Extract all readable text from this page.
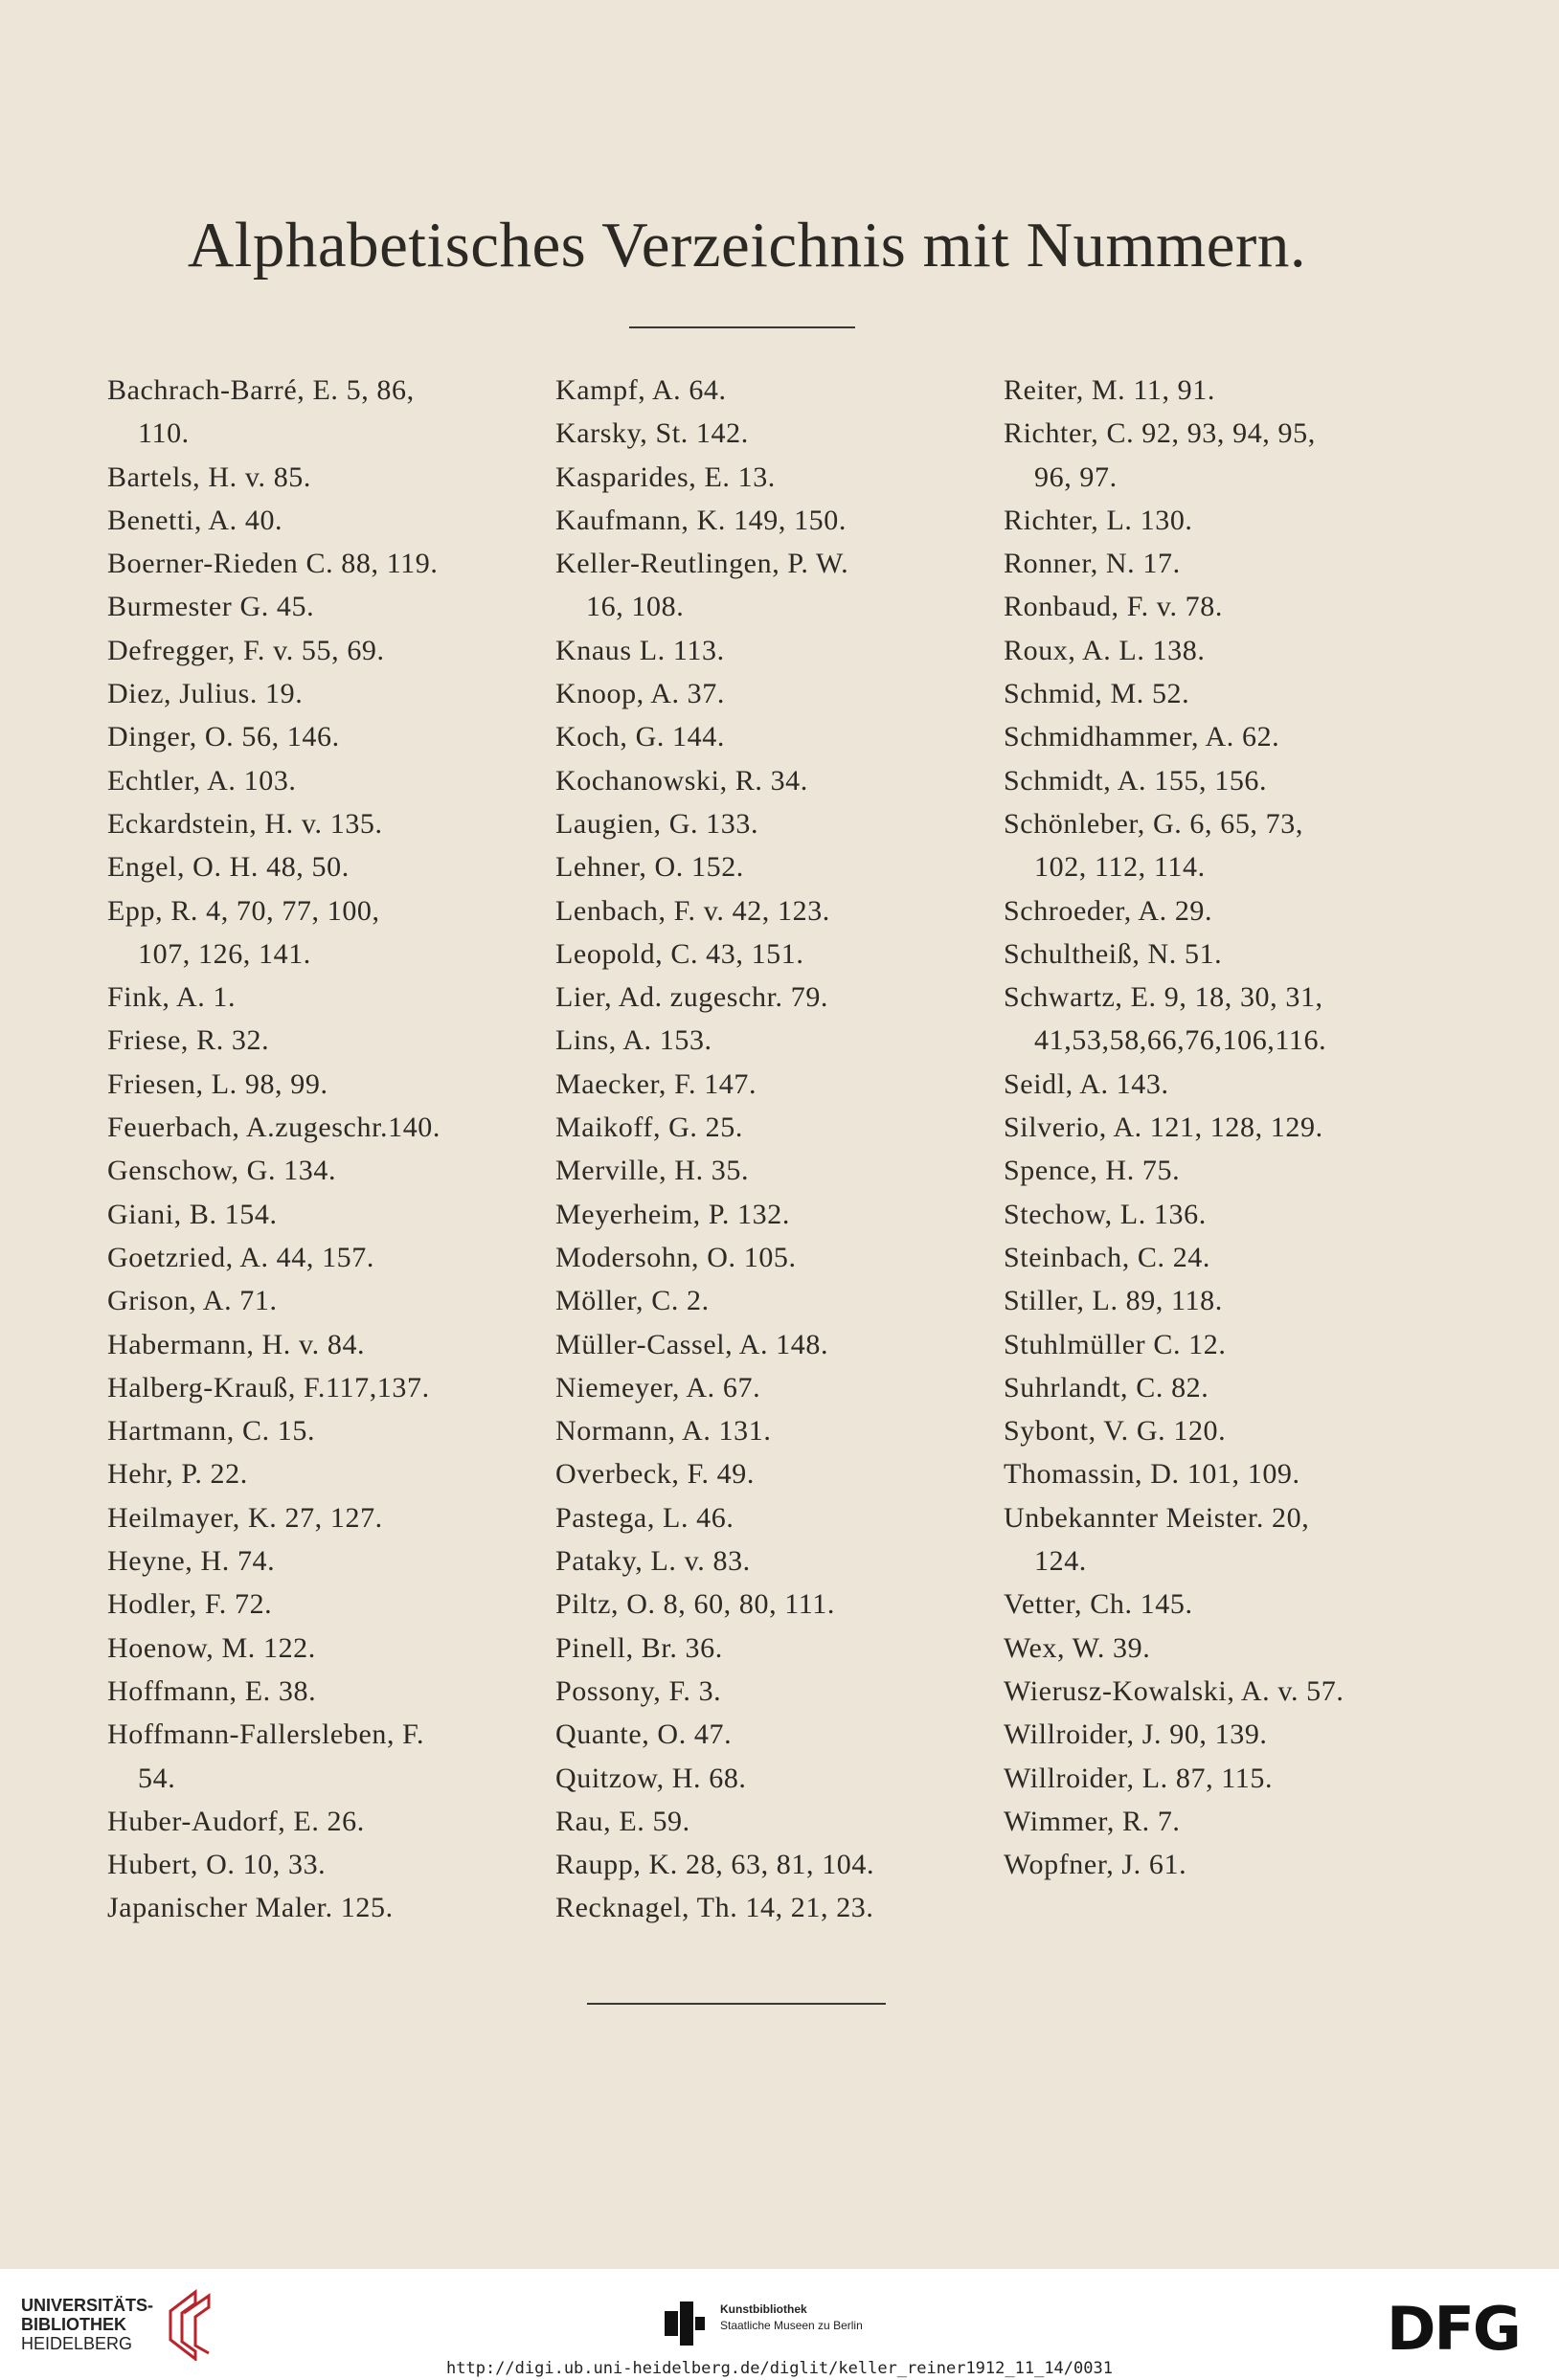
Alphabetisches Verzeichnis mit Nummern.
Bachrach-Barré, E. 5, 86,
110.
Bartels, H. v. 85.
Benetti, A. 40.
Boerner-Rieden C. 88, 119.
Burmester G. 45.
Defregger, F. v. 55, 69.
Diez, Julius. 19.
Dinger, O. 56, 146.
Echtler, A. 103.
Eckardstein, H. v. 135.
Engel, O. H. 48, 50.
Epp, R. 4, 70, 77, 100,
107, 126, 141.
Fink, A. 1.
Friese, R. 32.
Friesen, L. 98, 99.
Feuerbach, A.zugeschr.140.
Genschow, G. 134.
Giani, B. 154.
Goetzried, A. 44, 157.
Grison, A. 71.
Habermann, H. v. 84.
Halberg-Krauß, F.117,137.
Hartmann, C. 15.
Hehr, P. 22.
Heilmayer, K. 27, 127.
Heyne, H. 74.
Hodler, F. 72.
Hoenow, M. 122.
Hoffmann, E. 38.
Hoffmann-Fallersleben, F.
54.
Huber-Audorf, E. 26.
Hubert, O. 10, 33.
Japanischer Maler. 125.
Kampf, A. 64.
Karsky, St. 142.
Kasparides, E. 13.
Kaufmann, K. 149, 150.
Keller-Reutlingen, P. W.
16, 108.
Knaus L. 113.
Knoop, A. 37.
Koch, G. 144.
Kochanowski, R. 34.
Laugien, G. 133.
Lehner, O. 152.
Lenbach, F. v. 42, 123.
Leopold, C. 43, 151.
Lier, Ad. zugeschr. 79.
Lins, A. 153.
Maecker, F. 147.
Maikoff, G. 25.
Merville, H. 35.
Meyerheim, P. 132.
Modersohn, O. 105.
Möller, C. 2.
Müller-Cassel, A. 148.
Niemeyer, A. 67.
Normann, A. 131.
Overbeck, F. 49.
Pastega, L. 46.
Pataky, L. v. 83.
Piltz, O. 8, 60, 80, 111.
Pinell, Br. 36.
Possony, F. 3.
Quante, O. 47.
Quitzow, H. 68.
Rau, E. 59.
Raupp, K. 28, 63, 81, 104.
Recknagel, Th. 14, 21, 23.
Reiter, M. 11, 91.
Richter, C. 92, 93, 94, 95,
96, 97.
Richter, L. 130.
Ronner, N. 17.
Ronbaud, F. v. 78.
Roux, A. L. 138.
Schmid, M. 52.
Schmidhammer, A. 62.
Schmidt, A. 155, 156.
Schönleber, G. 6, 65, 73,
102, 112, 114.
Schroeder, A. 29.
Schultheiß, N. 51.
Schwartz, E. 9, 18, 30, 31,
41,53,58,66,76,106,116.
Seidl, A. 143.
Silverio, A. 121, 128, 129.
Spence, H. 75.
Stechow, L. 136.
Steinbach, C. 24.
Stiller, L. 89, 118.
Stuhlmüller C. 12.
Suhrlandt, C. 82.
Sybont, V. G. 120.
Thomassin, D. 101, 109.
Unbekannter Meister. 20,
124.
Vetter, Ch. 145.
Wex, W. 39.
Wierusz-Kowalski, A. v. 57.
Willroider, J. 90, 139.
Willroider, L. 87, 115.
Wimmer, R. 7.
Wopfner, J. 61.
UNIVERSITÄTS-
BIBLIOTHEK
HEIDELBERG
Kunstbibliothek
Staatliche Museen zu Berlin	DFG
http://digi.ub.uni-heidelberg.de/diglit/keller_reiner1912_11_14/0031
